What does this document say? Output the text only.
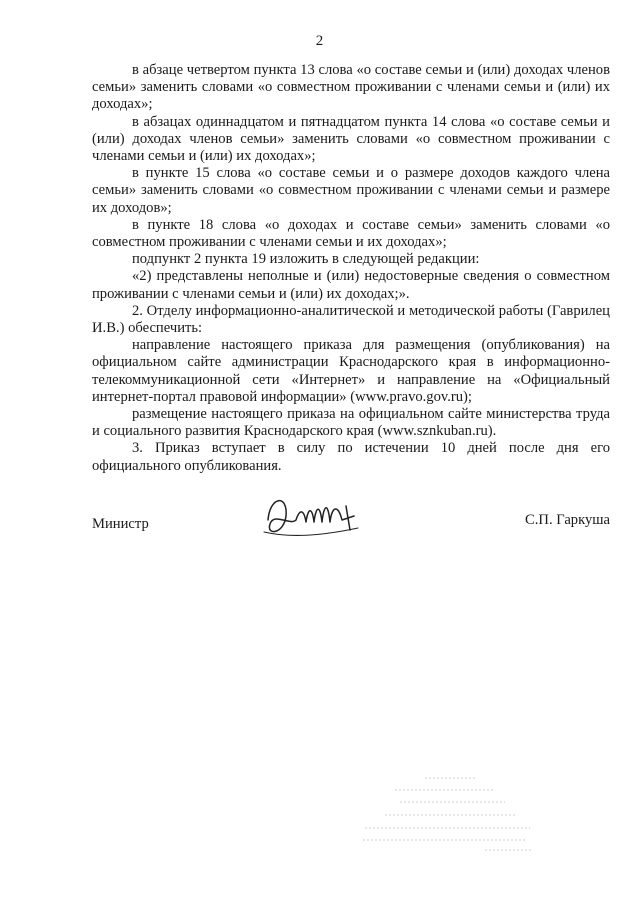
2

в абзаце четвертом пункта 13 слова «о составе семьи и (или) доходах членов семьи» заменить словами «о совместном проживании с членами семьи и (или) их доходах»;

в абзацах одиннадцатом и пятнадцатом пункта 14 слова «о составе семьи и (или) доходах членов семьи» заменить словами «о совместном проживании с членами семьи и (или) их доходах»;

в пункте 15 слова «о составе семьи и о размере доходов каждого члена семьи» заменить словами «о совместном проживании с членами семьи и размере их доходов»;

в пункте 18 слова «о доходах и составе семьи» заменить словами «о совместном проживании с членами семьи и их доходах»;

подпункт 2 пункта 19 изложить в следующей редакции:

«2) представлены неполные и (или) недостоверные сведения о совместном проживании с членами семьи и (или) их доходах;».

2. Отделу информационно-аналитической и методической работы (Гаврилец И.В.) обеспечить:

направление настоящего приказа для размещения (опубликования) на официальном сайте администрации Краснодарского края в информационно-телекоммуникационной сети «Интернет» и направление на «Официальный интернет-портал правовой информации» (www.pravo.gov.ru);

размещение настоящего приказа на официальном сайте министерства труда и социального развития Краснодарского края (www.sznkuban.ru).

3. Приказ вступает в силу по истечении 10 дней после дня его официального опубликования.

Министр	С.П. Гаркуша
